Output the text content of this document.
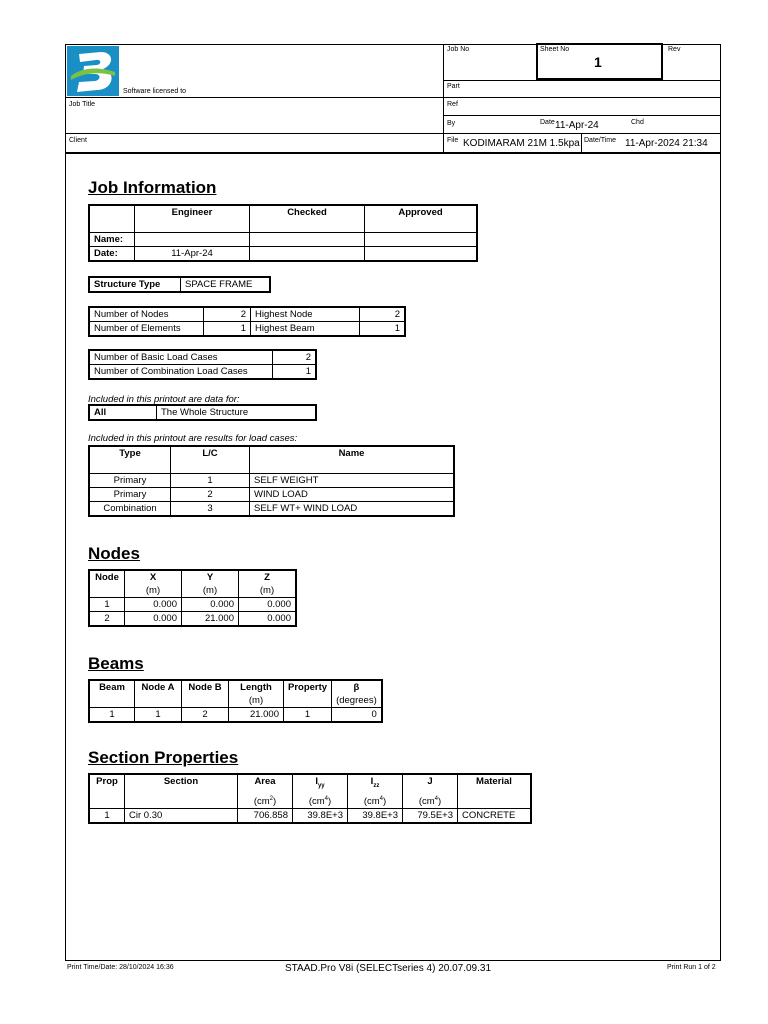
Software licensed to
Job No	Sheet No
1
Rev
Part
Job Title	Ref
By	Date 11-Apr-24	Chd
Client	File KODIMARAM 21M 1.5kpa Date/Time 11-Apr-2024 21:34
Job Information
	Engineer	Checked	Approved
Name:			
Date:	11-Apr-24		
Structure Type	SPACE FRAME
Number of Nodes	2	Highest Node	2
Number of Elements	1	Highest Beam	1
Number of Basic Load Cases	2
Number of Combination Load Cases	1
Included in this printout are data for:
All	The Whole Structure
Included in this printout are results for load cases:
Type	L/C	Name
Primary	1	SELF WEIGHT
Primary	2	WIND LOAD
Combination	3	SELF WT+ WIND LOAD
Nodes
Node	X	Y	Z
	(m)	(m)	(m)
1	0.000	0.000	0.000
2	0.000	21.000	0.000
Beams
Beam	Node A	Node B	Length	Property	β
			(m)		(degrees)
1	1	2	21.000	1	0
Section Properties
Prop	Section	Area	$I_{yy}$	$I_{zz}$	J	Material
		$(cm^2)$	$(cm^4)$	$(cm^4)$	$(cm^4)$	
1	Cir 0.30	706.858	39.8E+3	39.8E+3	79.5E+3	CONCRETE
Print Time/Date: 28/10/2024 16:36	STAAD.Pro V8i (SELECTseries 4) 20.07.09.31	Print Run 1 of 2
